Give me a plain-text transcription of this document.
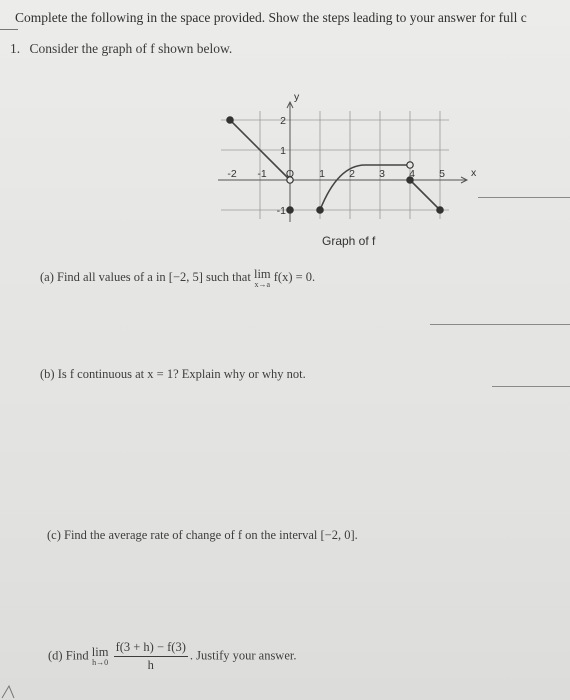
Complete the following in the space provided. Show the steps leading to your answer for full c
1. Consider the graph of f shown below.
-2 -1 O 1 2 3 4 5
2
1
-1
y
x
Graph of f
(a) Find all values of a in [−2, 5] such that lim
x→a f(x) = 0.
(b) Is f continuous at x = 1? Explain why or why not.
(c) Find the average rate of change of f on the interval [−2, 0].
(d) Find lim
h→0
$\frac{f(3 + h) - f(3)}{h}$ . Justify your answer.
